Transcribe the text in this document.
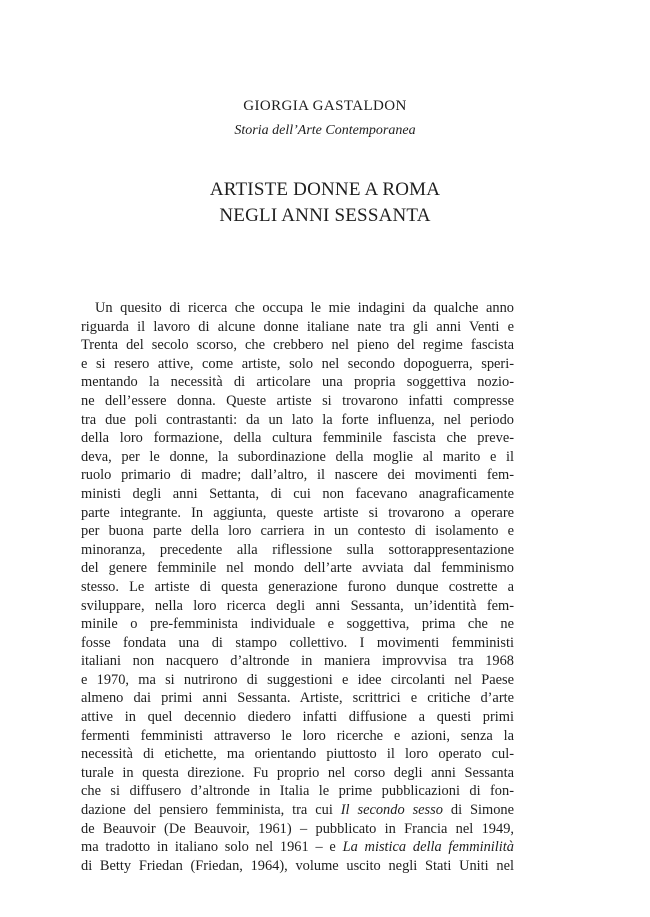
GIORGIA GASTALDON

Storia dell’Arte Contemporanea

ARTISTE DONNE A ROMA
NEGLI ANNI SESSANTA
Un quesito di ricerca che occupa le mie indagini da qualche anno
riguarda il lavoro di alcune donne italiane nate tra gli anni Venti e
Trenta del secolo scorso, che crebbero nel pieno del regime fascista
e si resero attive, come artiste, solo nel secondo dopoguerra, speri-
mentando la necessità di articolare una propria soggettiva nozio-
ne dell’essere donna. Queste artiste si trovarono infatti compresse
tra due poli contrastanti: da un lato la forte influenza, nel periodo
della loro formazione, della cultura femminile fascista che preve-
deva, per le donne, la subordinazione della moglie al marito e il
ruolo primario di madre; dall’altro, il nascere dei movimenti fem-
ministi degli anni Settanta, di cui non facevano anagraficamente
parte integrante. In aggiunta, queste artiste si trovarono a operare
per buona parte della loro carriera in un contesto di isolamento e
minoranza, precedente alla riflessione sulla sottorappresentazione
del genere femminile nel mondo dell’arte avviata dal femminismo
stesso. Le artiste di questa generazione furono dunque costrette a
sviluppare, nella loro ricerca degli anni Sessanta, un’identità fem-
minile o pre-femminista individuale e soggettiva, prima che ne
fosse fondata una di stampo collettivo. I movimenti femministi
italiani non nacquero d’altronde in maniera improvvisa tra 1968
e 1970, ma si nutrirono di suggestioni e idee circolanti nel Paese
almeno dai primi anni Sessanta. Artiste, scrittrici e critiche d’arte
attive in quel decennio diedero infatti diffusione a questi primi
fermenti femministi attraverso le loro ricerche e azioni, senza la
necessità di etichette, ma orientando piuttosto il loro operato cul-
turale in questa direzione. Fu proprio nel corso degli anni Sessanta
che si diffusero d’altronde in Italia le prime pubblicazioni di fon-
dazione del pensiero femminista, tra cui Il secondo sesso di Simone
de Beauvoir (De Beauvoir, 1961) – pubblicato in Francia nel 1949,
ma tradotto in italiano solo nel 1961 – e La mistica della femminilità
di Betty Friedan (Friedan, 1964), volume uscito negli Stati Uniti nel
